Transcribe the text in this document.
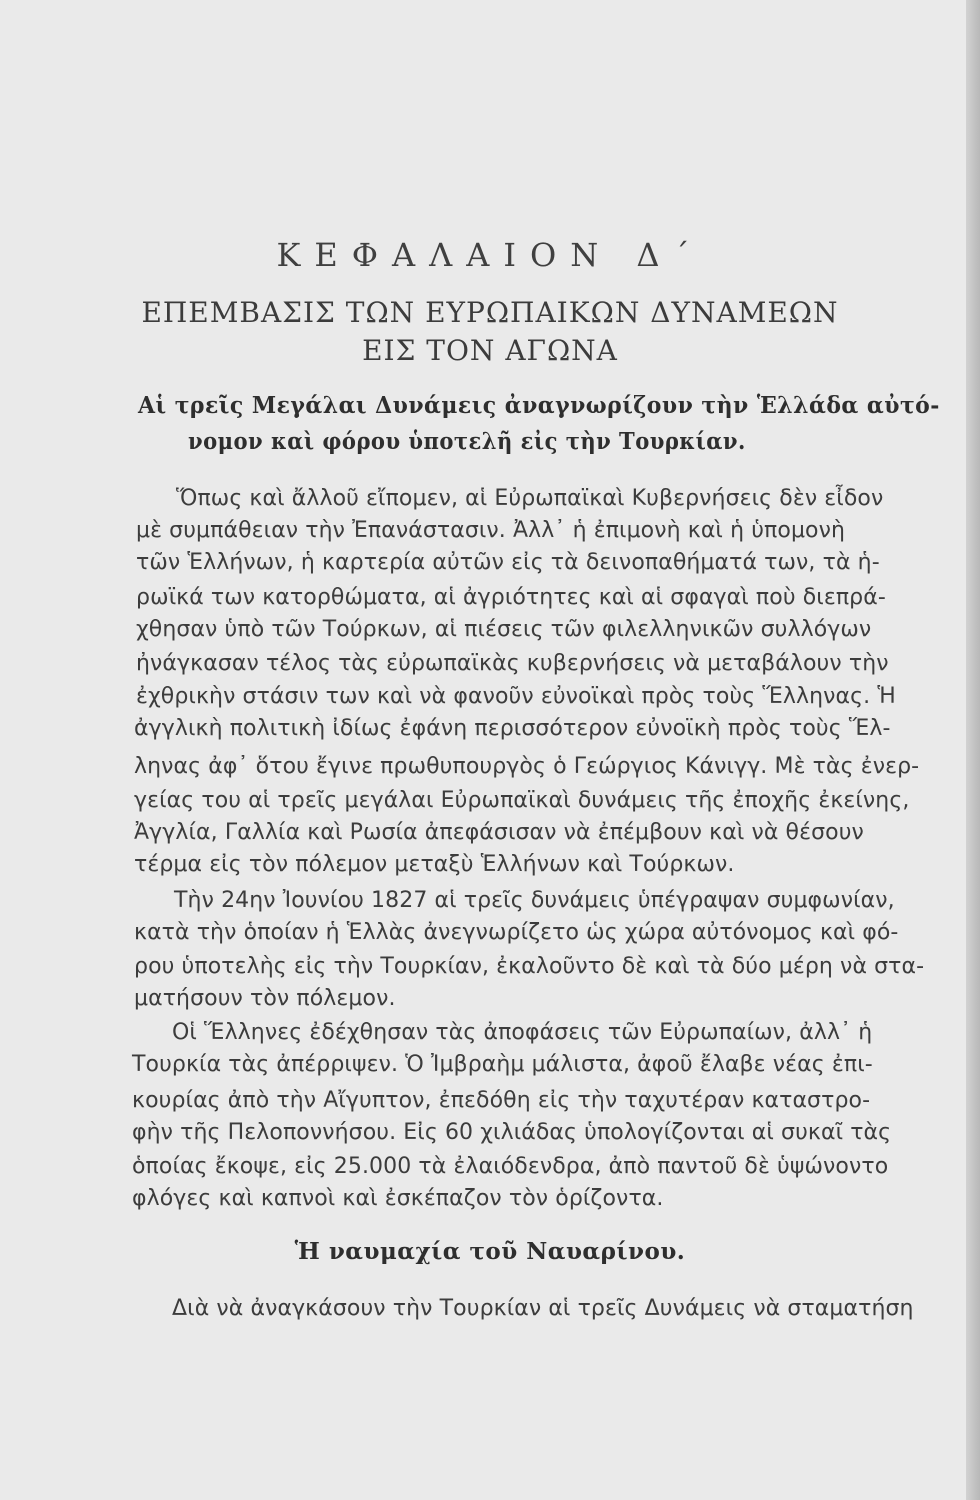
ΚΕΦΑΛΑΙΟΝ Δ΄
ΕΠΕΜΒΑΣΙΣ ΤΩΝ ΕΥΡΩΠΑΙΚΩΝ ΔΥΝΑΜΕΩΝ
ΕΙΣ ΤΟΝ ΑΓΩΝΑ
Αἱ τρεῖς Μεγάλαι Δυνάμεις ἀναγνωρίζουν τὴν Ἑλλάδα αὐτό-
νομον καὶ φόρου ὑποτελῆ εἰς τὴν Τουρκίαν.
Ὅπως καὶ ἄλλοῦ εἴπομεν, αἱ Εὐρωπαϊκαὶ Κυβερνήσεις δὲν εἶδον
μὲ συμπάθειαν τὴν Ἐπανάστασιν. Ἀλλ᾽ ἡ ἐπιμονὴ καὶ ἡ ὑπομονὴ
τῶν Ἑλλήνων, ἡ καρτερία αὐτῶν εἰς τὰ δεινοπαθήματά των, τὰ ἡ-
ρωϊκά των κατορθώματα, αἱ ἀγριότητες καὶ αἱ σφαγαὶ ποὺ διεπρά-
χθησαν ὑπὸ τῶν Τούρκων, αἱ πιέσεις τῶν φιλελληνικῶν συλλόγων
ἠνάγκασαν τέλος τὰς εὐρωπαϊκὰς κυβερνήσεις νὰ μεταβάλουν τὴν
ἐχθρικὴν στάσιν των καὶ νὰ φανοῦν εὐνοϊκαὶ πρὸς τοὺς Ἕλληνας. Ἡ
ἀγγλικὴ πολιτικὴ ἰδίως ἐφάνη περισσότερον εὐνοϊκὴ πρὸς τοὺς Ἕλ-
ληνας ἀφ᾽ ὅτου ἔγινε πρωθυπουργὸς ὁ Γεώργιος Κάνιγγ. Μὲ τὰς ἐνερ-
γείας του αἱ τρεῖς μεγάλαι Εὐρωπαϊκαὶ δυνάμεις τῆς ἐποχῆς ἐκείνης,
Ἀγγλία, Γαλλία καὶ Ρωσία ἀπεφάσισαν νὰ ἐπέμβουν καὶ νὰ θέσουν
τέρμα εἰς τὸν πόλεμον μεταξὺ Ἑλλήνων καὶ Τούρκων.
Τὴν 24ην Ἰουνίου 1827 αἱ τρεῖς δυνάμεις ὑπέγραψαν συμφωνίαν,
κατὰ τὴν ὁποίαν ἡ Ἑλλὰς ἀνεγνωρίζετο ὡς χώρα αὐτόνομος καὶ φό-
ρου ὑποτελὴς εἰς τὴν Τουρκίαν, ἐκαλοῦντο δὲ καὶ τὰ δύο μέρη νὰ στα-
ματήσουν τὸν πόλεμον.
Οἱ Ἕλληνες ἐδέχθησαν τὰς ἀποφάσεις τῶν Εὐρωπαίων, ἀλλ᾽ ἡ
Τουρκία τὰς ἀπέρριψεν. Ὁ Ἰμβραὴμ μάλιστα, ἀφοῦ ἔλαβε νέας ἐπι-
κουρίας ἀπὸ τὴν Αἴγυπτον, ἐπεδόθη εἰς τὴν ταχυτέραν καταστρο-
φὴν τῆς Πελοποννήσου. Εἰς 60 χιλιάδας ὑπολογίζονται αἱ συκαῖ τὰς
ὁποίας ἔκοψε, εἰς 25.000 τὰ ἐλαιόδενδρα, ἀπὸ παντοῦ δὲ ὑψώνοντο
φλόγες καὶ καπνοὶ καὶ ἐσκέπαζον τὸν ὁρίζοντα.
Ἡ ναυμαχία τοῦ Ναυαρίνου.
Διὰ νὰ ἀναγκάσουν τὴν Τουρκίαν αἱ τρεῖς Δυνάμεις νὰ σταματήση
